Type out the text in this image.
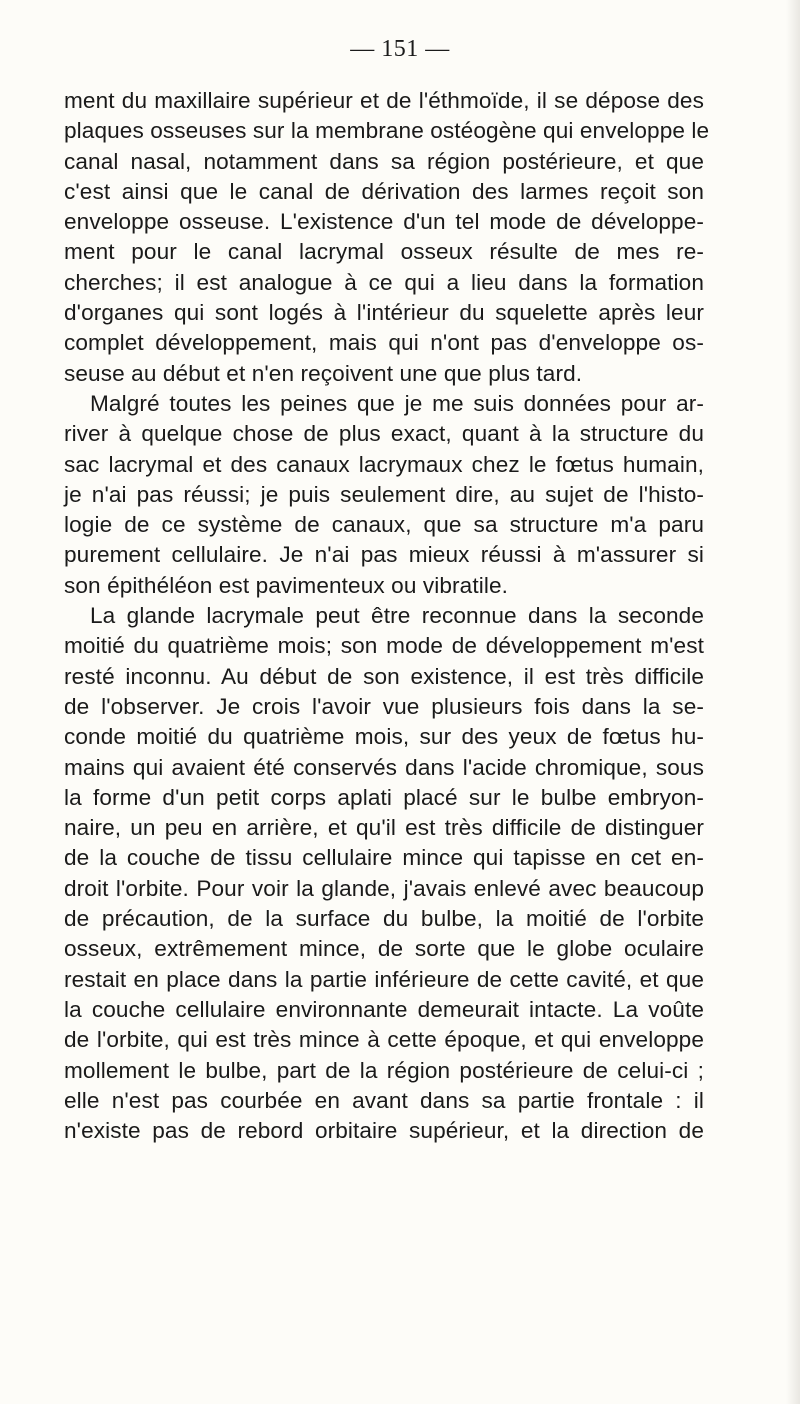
— 151 —
ment du maxillaire supérieur et de l'éthmoïde, il se dépose des
plaques osseuses sur la membrane ostéogène qui enveloppe le
canal nasal, notamment dans sa région postérieure, et que
c'est ainsi que le canal de dérivation des larmes reçoit son
enveloppe osseuse. L'existence d'un tel mode de développe-
ment pour le canal lacrymal osseux résulte de mes re-
cherches; il est analogue à ce qui a lieu dans la formation
d'organes qui sont logés à l'intérieur du squelette après leur
complet développement, mais qui n'ont pas d'enveloppe os-
seuse au début et n'en reçoivent une que plus tard.
Malgré toutes les peines que je me suis données pour ar-
river à quelque chose de plus exact, quant à la structure du
sac lacrymal et des canaux lacrymaux chez le fœtus humain,
je n'ai pas réussi; je puis seulement dire, au sujet de l'histo-
logie de ce système de canaux, que sa structure m'a paru
purement cellulaire. Je n'ai pas mieux réussi à m'assurer si
son épithéléon est pavimenteux ou vibratile.
La glande lacrymale peut être reconnue dans la seconde
moitié du quatrième mois; son mode de développement m'est
resté inconnu. Au début de son existence, il est très difficile
de l'observer. Je crois l'avoir vue plusieurs fois dans la se-
conde moitié du quatrième mois, sur des yeux de fœtus hu-
mains qui avaient été conservés dans l'acide chromique, sous
la forme d'un petit corps aplati placé sur le bulbe embryon-
naire, un peu en arrière, et qu'il est très difficile de distinguer
de la couche de tissu cellulaire mince qui tapisse en cet en-
droit l'orbite. Pour voir la glande, j'avais enlevé avec beaucoup
de précaution, de la surface du bulbe, la moitié de l'orbite
osseux, extrêmement mince, de sorte que le globe oculaire
restait en place dans la partie inférieure de cette cavité, et que
la couche cellulaire environnante demeurait intacte. La voûte
de l'orbite, qui est très mince à cette époque, et qui enveloppe
mollement le bulbe, part de la région postérieure de celui-ci ;
elle n'est pas courbée en avant dans sa partie frontale : il
n'existe pas de rebord orbitaire supérieur, et la direction de
